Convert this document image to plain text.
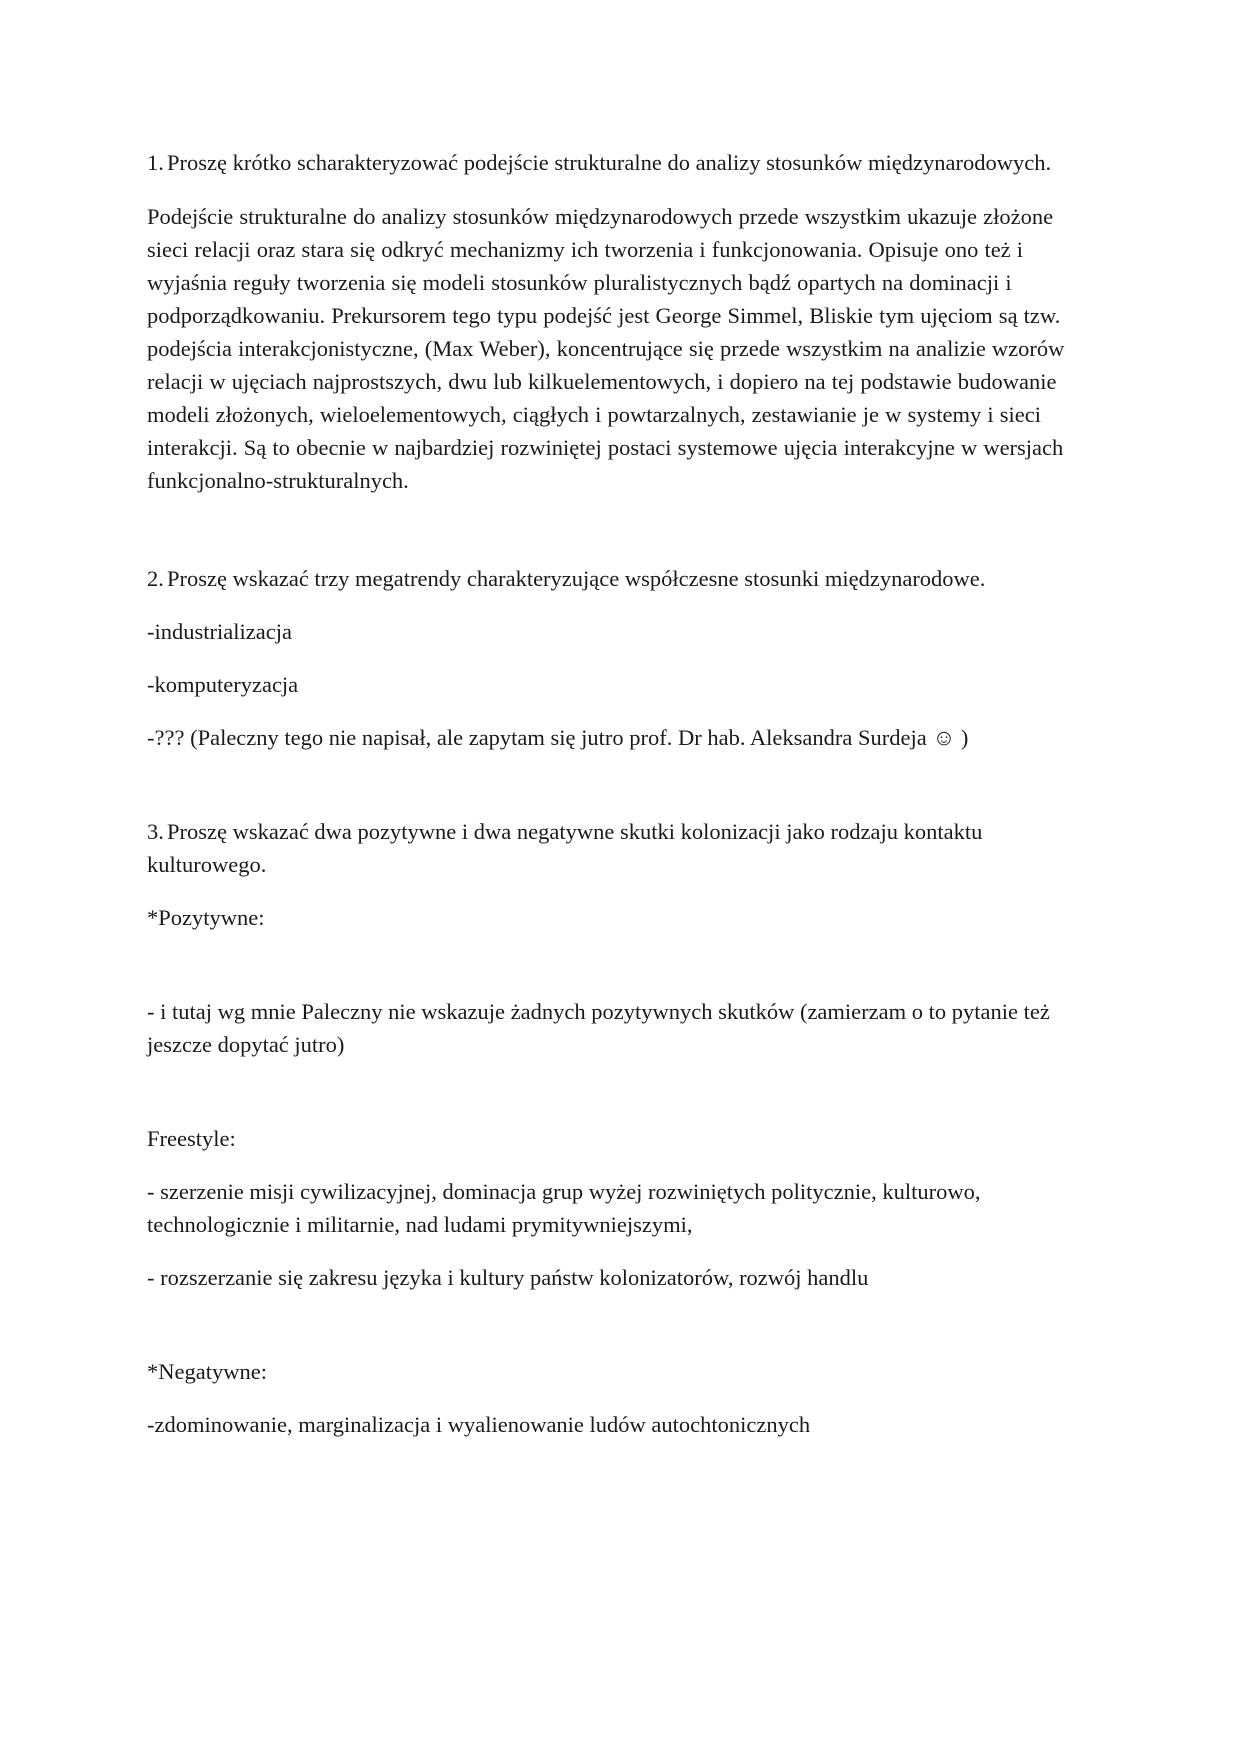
1. Proszę krótko scharakteryzować podejście strukturalne do analizy stosunków międzynarodowych.

Podejście strukturalne do analizy stosunków międzynarodowych przede wszystkim ukazuje złożone sieci relacji oraz stara się odkryć mechanizmy ich tworzenia i funkcjonowania. Opisuje ono też i wyjaśnia reguły tworzenia się modeli stosunków pluralistycznych bądź opartych na dominacji i podporządkowaniu. Prekursorem tego typu podejść jest George Simmel, Bliskie tym ujęciom są tzw. podejścia interakcjonistyczne, (Max Weber), koncentrujące się przede wszystkim na analizie wzorów relacji w ujęciach najprostszych, dwu lub kilkuelementowych, i dopiero na tej podstawie budowanie modeli złożonych, wieloelementowych, ciągłych i powtarzalnych, zestawianie je w systemy i sieci interakcji. Są to obecnie w najbardziej rozwiniętej postaci systemowe ujęcia interakcyjne w wersjach funkcjonalno-strukturalnych.

2. Proszę wskazać trzy megatrendy charakteryzujące współczesne stosunki międzynarodowe.

-industrializacja

-komputeryzacja

-??? (Paleczny tego nie napisał, ale zapytam się jutro prof. Dr hab. Aleksandra Surdeja ☺ )

3. Proszę wskazać dwa pozytywne i dwa negatywne skutki kolonizacji jako rodzaju kontaktu kulturowego.

*Pozytywne:

- i tutaj wg mnie Paleczny nie wskazuje żadnych pozytywnych skutków (zamierzam o to pytanie też jeszcze dopytać jutro)

Freestyle:

- szerzenie misji cywilizacyjnej, dominacja grup wyżej rozwiniętych politycznie, kulturowo, technologicznie i militarnie, nad ludami prymitywniejszymi,

- rozszerzanie się zakresu języka i kultury państw kolonizatorów, rozwój handlu

*Negatywne:

-zdominowanie, marginalizacja i wyalienowanie ludów autochtonicznych
